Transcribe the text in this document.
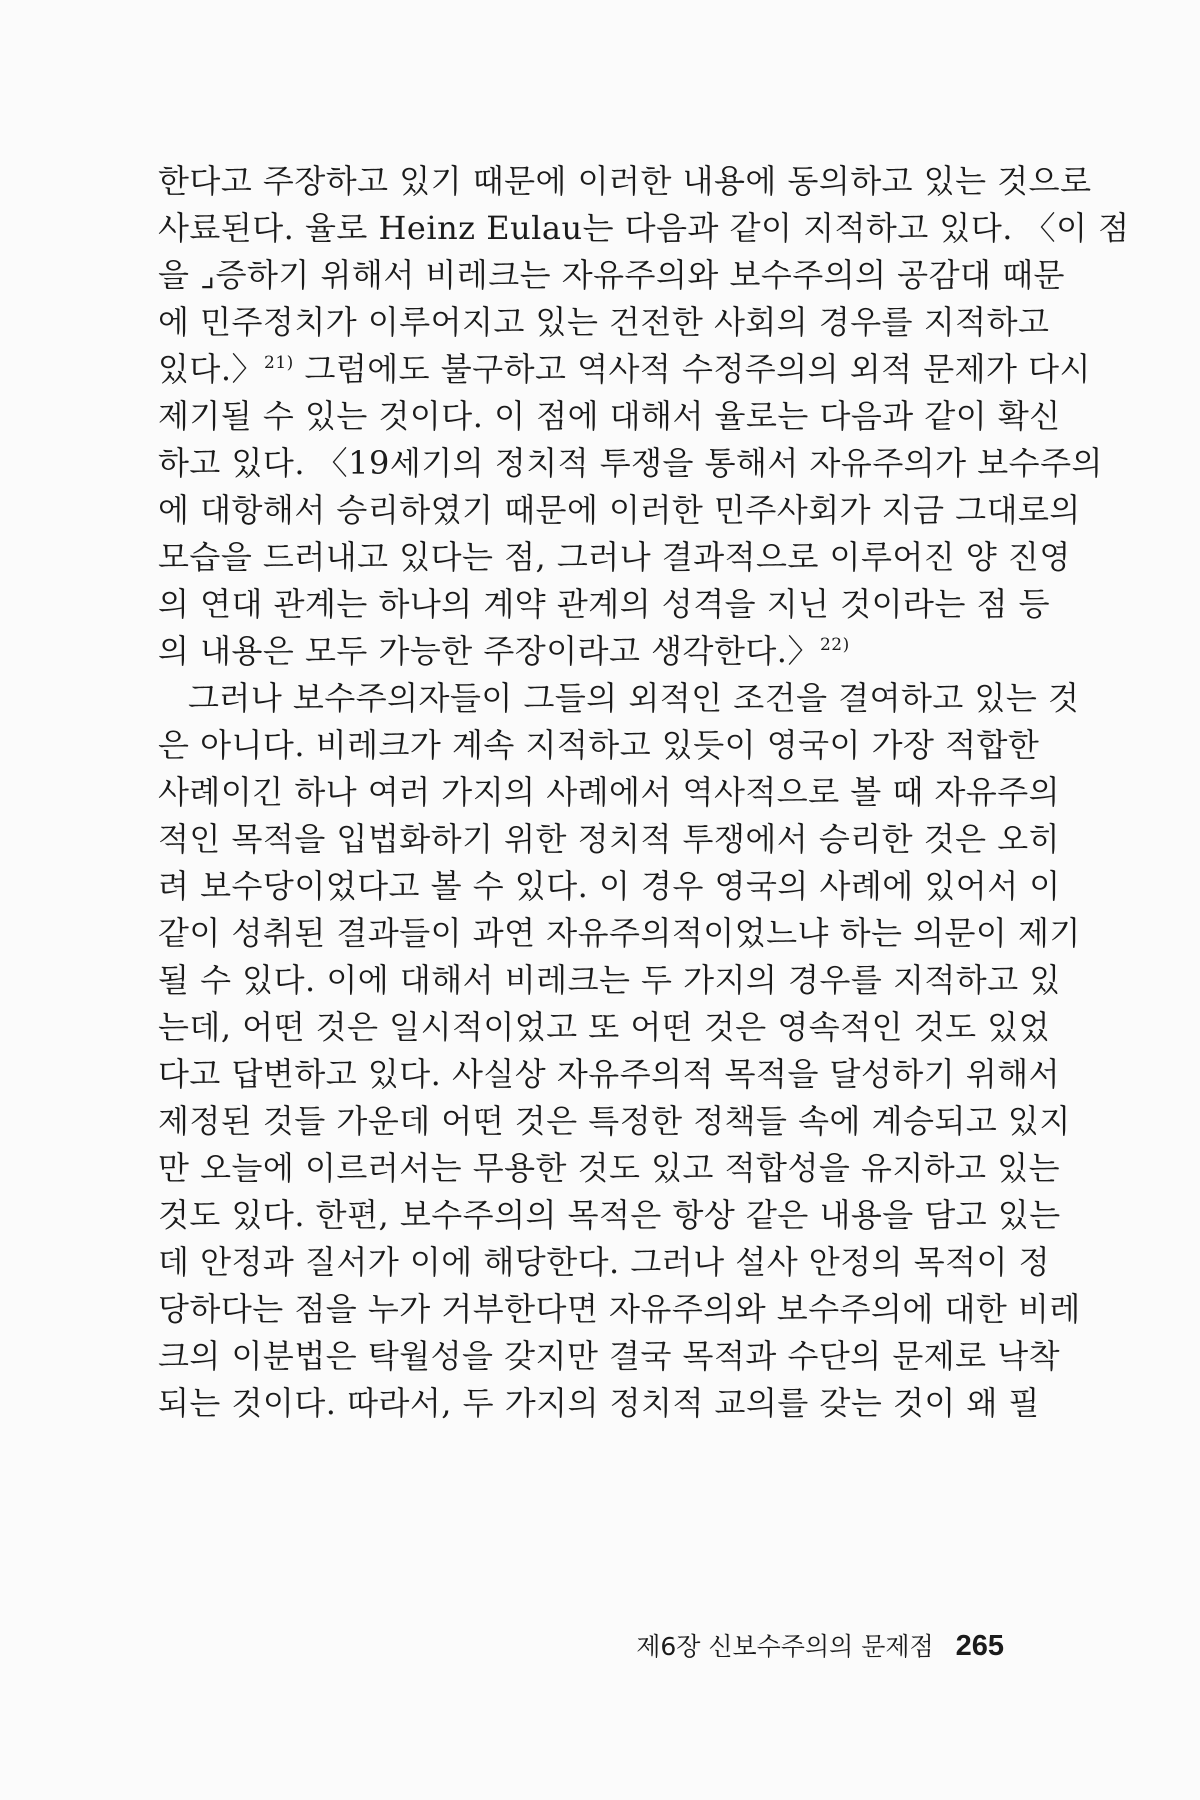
한다고 주장하고 있기 때문에 이러한 내용에 동의하고 있는 것으로
사료된다. 율로 Heinz Eulau는 다음과 같이 지적하고 있다. 〈이 점
을 ⌟증하기 위해서 비레크는 자유주의와 보수주의의 공감대 때문
에 민주정치가 이루어지고 있는 건전한 사회의 경우를 지적하고
있다.〉$^{21)}$ 그럼에도 불구하고 역사적 수정주의의 외적 문제가 다시
제기될 수 있는 것이다. 이 점에 대해서 율로는 다음과 같이 확신
하고 있다. 〈19세기의 정치적 투쟁을 통해서 자유주의가 보수주의
에 대항해서 승리하였기 때문에 이러한 민주사회가 지금 그대로의
모습을 드러내고 있다는 점, 그러나 결과적으로 이루어진 양 진영
의 연대 관계는 하나의 계약 관계의 성격을 지닌 것이라는 점 등
의 내용은 모두 가능한 주장이라고 생각한다.〉$^{22)}$
그러나 보수주의자들이 그들의 외적인 조건을 결여하고 있는 것
은 아니다. 비레크가 계속 지적하고 있듯이 영국이 가장 적합한
사례이긴 하나 여러 가지의 사례에서 역사적으로 볼 때 자유주의
적인 목적을 입법화하기 위한 정치적 투쟁에서 승리한 것은 오히
려 보수당이었다고 볼 수 있다. 이 경우 영국의 사례에 있어서 이
같이 성취된 결과들이 과연 자유주의적이었느냐 하는 의문이 제기
될 수 있다. 이에 대해서 비레크는 두 가지의 경우를 지적하고 있
는데, 어떤 것은 일시적이었고 또 어떤 것은 영속적인 것도 있었
다고 답변하고 있다. 사실상 자유주의적 목적을 달성하기 위해서
제정된 것들 가운데 어떤 것은 특정한 정책들 속에 계승되고 있지
만 오늘에 이르러서는 무용한 것도 있고 적합성을 유지하고 있는
것도 있다. 한편, 보수주의의 목적은 항상 같은 내용을 담고 있는
데 안정과 질서가 이에 해당한다. 그러나 설사 안정의 목적이 정
당하다는 점을 누가 거부한다면 자유주의와 보수주의에 대한 비레
크의 이분법은 탁월성을 갖지만 결국 목적과 수단의 문제로 낙착
되는 것이다. 따라서, 두 가지의 정치적 교의를 갖는 것이 왜 필
제6장 신보수주의의 문제점 265
